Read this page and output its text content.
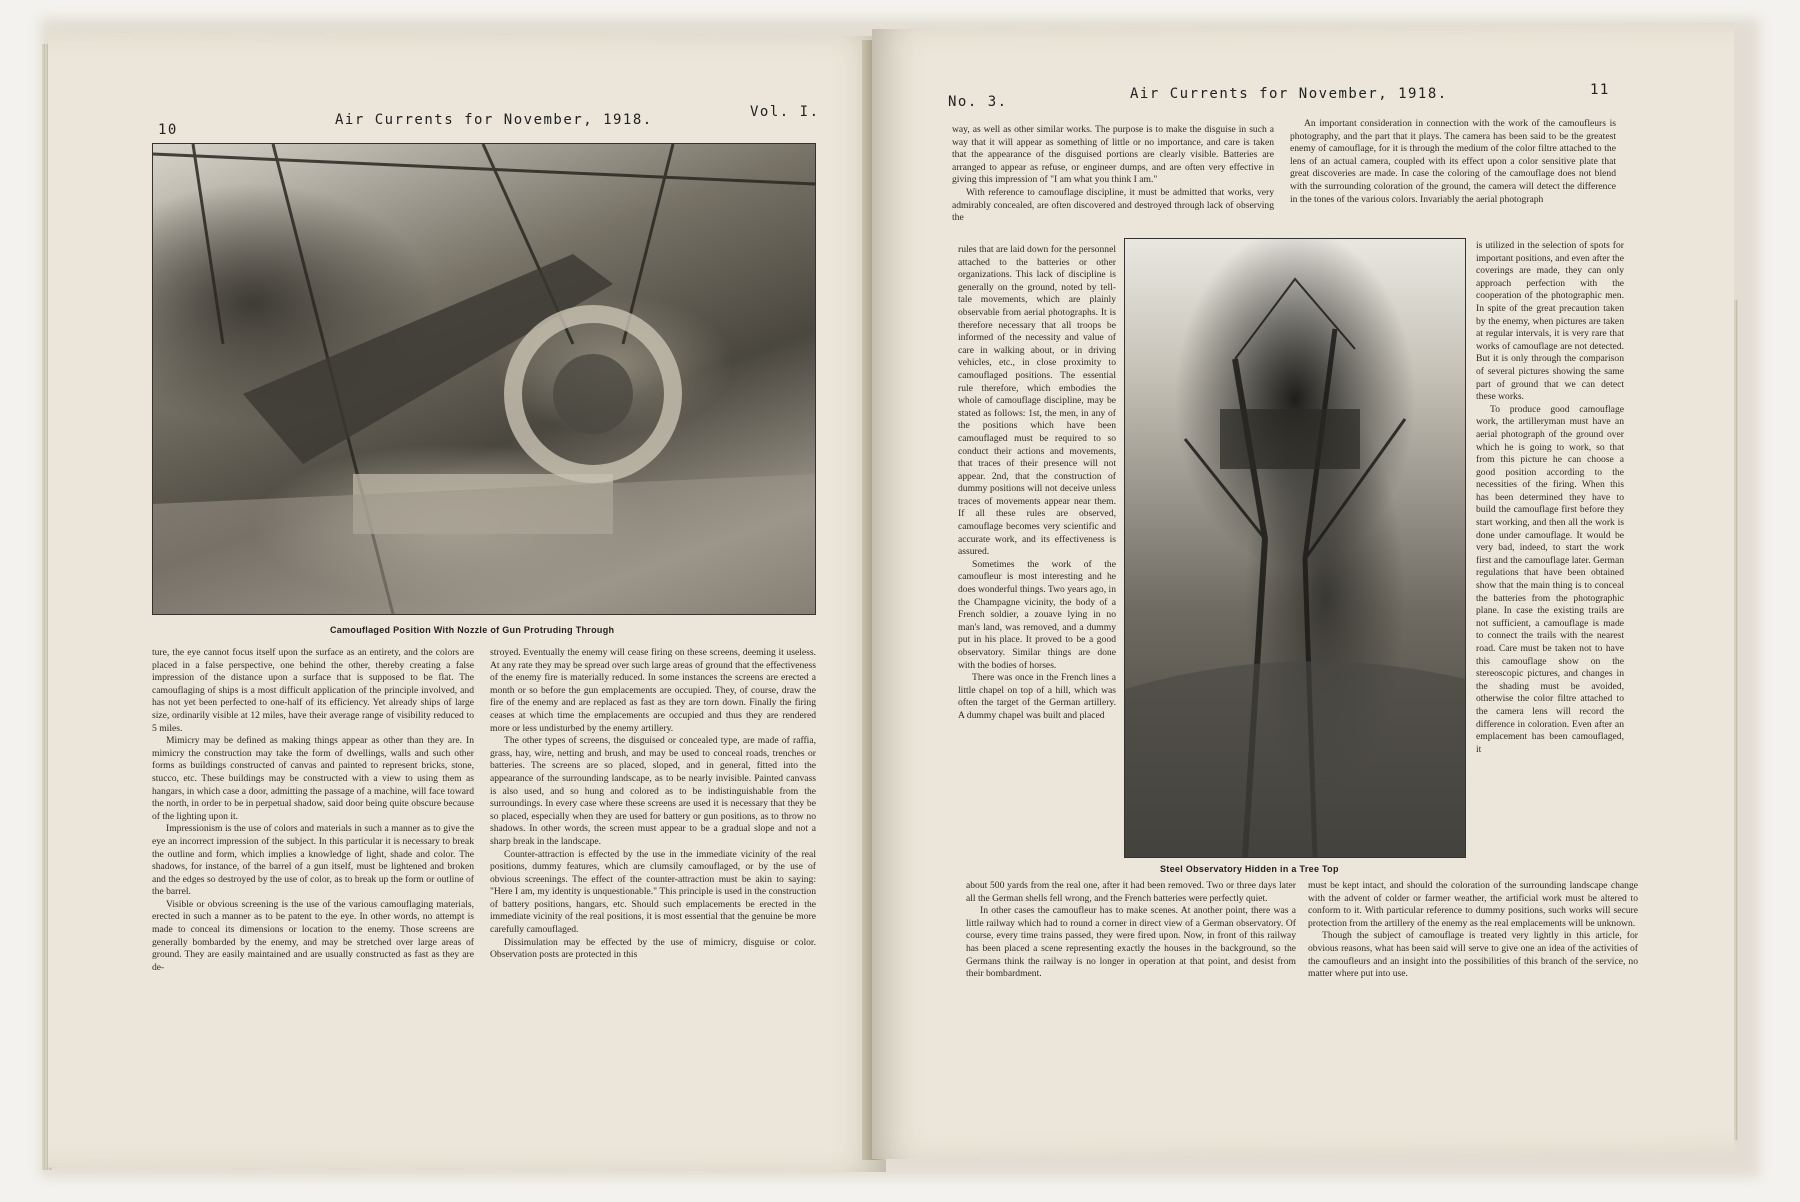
10
Air Currents for November, 1918.	Vol. I.
Camouflaged Position With Nozzle of Gun Protruding Through

ture, the eye cannot focus itself upon the surface as an entirety, and the colors are placed in a false perspective, one behind the other, thereby creating a false impression of the distance upon a surface that is supposed to be flat. The camouflaging of ships is a most difficult application of the principle involved, and has not yet been perfected to one-half of its efficiency. Yet already ships of large size, ordinarily visible at 12 miles, have their average range of visibility reduced to 5 miles.

Mimicry may be defined as making things appear as other than they are. In mimicry the construction may take the form of dwellings, walls and such other forms as buildings constructed of canvas and painted to represent bricks, stone, stucco, etc. These buildings may be constructed with a view to using them as hangars, in which case a door, admitting the passage of a machine, will face toward the north, in order to be in perpetual shadow, said door being quite obscure because of the lighting upon it.

Impressionism is the use of colors and materials in such a manner as to give the eye an incorrect impression of the subject. In this particular it is necessary to break the outline and form, which implies a knowledge of light, shade and color. The shadows, for instance, of the barrel of a gun itself, must be lightened and broken and the edges so destroyed by the use of color, as to break up the form or outline of the barrel.

Visible or obvious screening is the use of the various camouflaging materials, erected in such a manner as to be patent to the eye. In other words, no attempt is made to conceal its dimensions or location to the enemy. Those screens are generally bombarded by the enemy, and may be stretched over large areas of ground. They are easily maintained and are usually constructed as fast as they are de-

stroyed. Eventually the enemy will cease firing on these screens, deeming it useless. At any rate they may be spread over such large areas of ground that the effectiveness of the enemy fire is materially reduced. In some instances the screens are erected a month or so before the gun emplacements are occupied. They, of course, draw the fire of the enemy and are replaced as fast as they are torn down. Finally the firing ceases at which time the emplacements are occupied and thus they are rendered more or less undisturbed by the enemy artillery.

The other types of screens, the disguised or concealed type, are made of raffia, grass, hay, wire, netting and brush, and may be used to conceal roads, trenches or batteries. The screens are so placed, sloped, and in general, fitted into the appearance of the surrounding landscape, as to be nearly invisible. Painted canvass is also used, and so hung and colored as to be indistinguishable from the surroundings. In every case where these screens are used it is necessary that they be so placed, especially when they are used for battery or gun positions, as to throw no shadows. In other words, the screen must appear to be a gradual slope and not a sharp break in the landscape.

Counter-attraction is effected by the use in the immediate vicinity of the real positions, dummy features, which are clumsily camouflaged, or by the use of obvious screenings. The effect of the counter-attraction must be akin to saying: "Here I am, my identity is unquestionable." This principle is used in the construction of battery positions, hangars, etc. Should such emplacements be erected in the immediate vicinity of the real positions, it is most essential that the genuine be more carefully camouflaged.

Dissimulation may be effected by the use of mimicry, disguise or color. Observation posts are protected in this

No. 3.	Air Currents for November, 1918.	11

way, as well as other similar works. The purpose is to make the disguise in such a way that it will appear as something of little or no importance, and care is taken that the appearance of the disguised portions are clearly visible. Batteries are arranged to appear as refuse, or engineer dumps, and are often very effective in giving this impression of "I am what you think I am."

With reference to camouflage discipline, it must be admitted that works, very admirably concealed, are often discovered and destroyed through lack of observing the

rules that are laid down for the personnel attached to the batteries or other organizations. This lack of discipline is generally on the ground, noted by tell-tale movements, which are plainly observable from aerial photographs. It is therefore necessary that all troops be informed of the necessity and value of care in walking about, or in driving vehicles, etc., in close proximity to camouflaged positions. The essential rule therefore, which embodies the whole of camouflage discipline, may be stated as follows: 1st, the men, in any of the positions which have been camouflaged must be required to so conduct their actions and movements, that traces of their presence will not appear. 2nd, that the construction of dummy positions will not deceive unless traces of movements appear near them. If all these rules are observed, camouflage becomes very scientific and accurate work, and its effectiveness is assured.

Sometimes the work of the camoufleur is most interesting and he does wonderful things. Two years ago, in the Champagne vicinity, the body of a French soldier, a zouave lying in no man's land, was removed, and a dummy put in his place. It proved to be a good observatory. Similar things are done with the bodies of horses.

There was once in the French lines a little chapel on top of a hill, which was often the target of the German artillery. A dummy chapel was built and placed

Steel Observatory Hidden in a Tree Top

about 500 yards from the real one, after it had been removed. Two or three days later all the German shells fell wrong, and the French batteries were perfectly quiet.

In other cases the camoufleur has to make scenes. At another point, there was a little railway which had to round a corner in direct view of a German observatory. Of course, every time trains passed, they were fired upon. Now, in front of this railway has been placed a scene representing exactly the houses in the background, so the Germans think the railway is no longer in operation at that point, and desist from their bombardment.

An important consideration in connection with the work of the camoufleurs is photography, and the part that it plays. The camera has been said to be the greatest enemy of camouflage, for it is through the medium of the color filtre attached to the lens of an actual camera, coupled with its effect upon a color sensitive plate that great discoveries are made. In case the coloring of the camouflage does not blend with the surrounding coloration of the ground, the camera will detect the difference in the tones of the various colors. Invariably the aerial photograph

is utilized in the selection of spots for important positions, and even after the coverings are made, they can only approach perfection with the cooperation of the photographic men. In spite of the great precaution taken by the enemy, when pictures are taken at regular intervals, it is very rare that works of camouflage are not detected. But it is only through the comparison of several pictures showing the same part of ground that we can detect these works.

To produce good camouflage work, the artilleryman must have an aerial photograph of the ground over which he is going to work, so that from this picture he can choose a good position according to the necessities of the firing. When this has been determined they have to build the camouflage first before they start working, and then all the work is done under camouflage. It would be very bad, indeed, to start the work first and the camouflage later. German regulations that have been obtained show that the main thing is to conceal the batteries from the photographic plane. In case the existing trails are not sufficient, a camouflage is made to connect the trails with the nearest road. Care must be taken not to have this camouflage show on the stereoscopic pictures, and changes in the shading must be avoided, otherwise the color filtre attached to the camera lens will record the difference in coloration. Even after an emplacement has been camouflaged, it

must be kept intact, and should the coloration of the surrounding landscape change with the advent of colder or farmer weather, the artificial work must be altered to conform to it. With particular reference to dummy positions, such works will secure protection from the artillery of the enemy as the real emplacements will be unknown.

Though the subject of camouflage is treated very lightly in this article, for obvious reasons, what has been said will serve to give one an idea of the activities of the camoufleurs and an insight into the possibilities of this branch of the service, no matter where put into use.
